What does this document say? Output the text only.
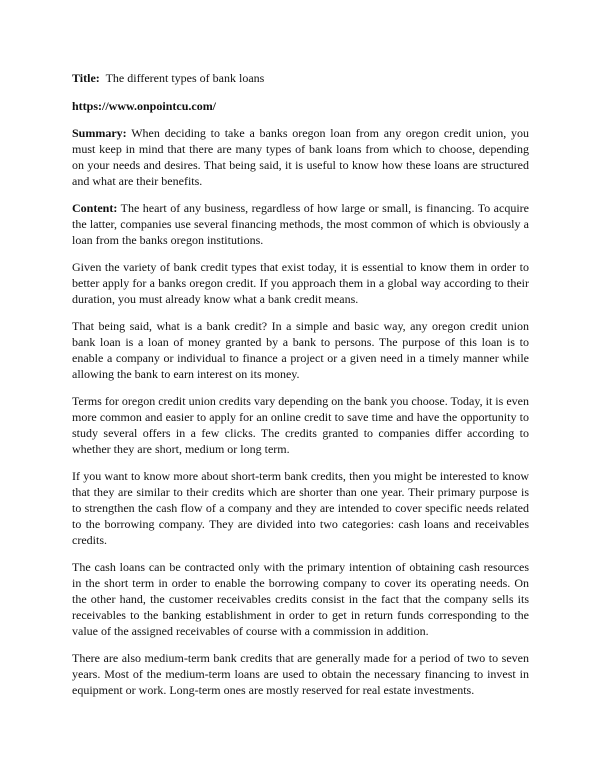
Title: The different types of bank loans

https://www.onpointcu.com/

Summary: When deciding to take a banks oregon loan from any oregon credit union, you must keep in mind that there are many types of bank loans from which to choose, depending on your needs and desires. That being said, it is useful to know how these loans are structured and what are their benefits.

Content: The heart of any business, regardless of how large or small, is financing. To acquire the latter, companies use several financing methods, the most common of which is obviously a loan from the banks oregon institutions.

Given the variety of bank credit types that exist today, it is essential to know them in order to better apply for a banks oregon credit. If you approach them in a global way according to their duration, you must already know what a bank credit means.

That being said, what is a bank credit? In a simple and basic way, any oregon credit union bank loan is a loan of money granted by a bank to persons. The purpose of this loan is to enable a company or individual to finance a project or a given need in a timely manner while allowing the bank to earn interest on its money.

Terms for oregon credit union credits vary depending on the bank you choose. Today, it is even more common and easier to apply for an online credit to save time and have the opportunity to study several offers in a few clicks. The credits granted to companies differ according to whether they are short, medium or long term.

If you want to know more about short-term bank credits, then you might be interested to know that they are similar to their credits which are shorter than one year. Their primary purpose is to strengthen the cash flow of a company and they are intended to cover specific needs related to the borrowing company. They are divided into two categories: cash loans and receivables credits.

The cash loans can be contracted only with the primary intention of obtaining cash resources in the short term in order to enable the borrowing company to cover its operating needs. On the other hand, the customer receivables credits consist in the fact that the company sells its receivables to the banking establishment in order to get in return funds corresponding to the value of the assigned receivables of course with a commission in addition.

There are also medium-term bank credits that are generally made for a period of two to seven years. Most of the medium-term loans are used to obtain the necessary financing to invest in equipment or work. Long-term ones are mostly reserved for real estate investments.
